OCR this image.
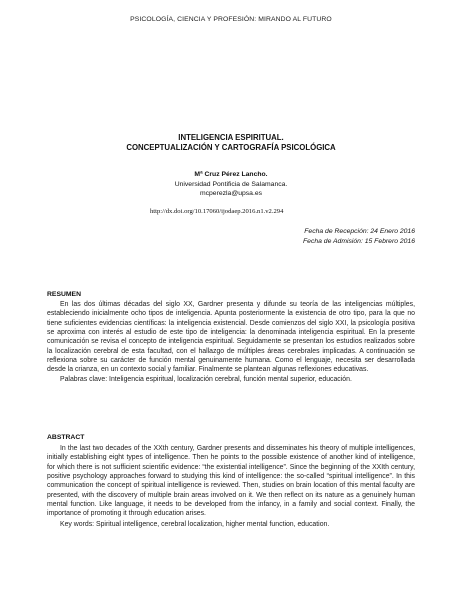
PSICOLOGÍA, CIENCIA Y PROFESIÓN: MIRANDO AL FUTURO
INTELIGENCIA ESPIRITUAL.
CONCEPTUALIZACIÓN Y CARTOGRAFÍA PSICOLÓGICA
Mª Cruz Pérez Lancho.
Universidad Pontificia de Salamanca.
mcperezla@upsa.es
http://dx.doi.org/10.17060/ijodaep.2016.n1.v2.294
Fecha de Recepción: 24 Enero 2016
Fecha de Admisión: 15 Febrero 2016
RESUMEN

En las dos últimas décadas del siglo XX, Gardner presenta y difunde su teoría de las inteligencias múltiples, estableciendo inicialmente ocho tipos de inteligencia. Apunta posteriormente la existencia de otro tipo, para la que no tiene suficientes evidencias científicas: la inteligencia existencial. Desde comienzos del siglo XXI, la psicología positiva se aproxima con interés al estudio de este tipo de inteligencia: la denominada inteligencia espiritual. En la presente comunicación se revisa el concepto de inteligencia espiritual. Seguidamente se presentan los estudios realizados sobre la localización cerebral de esta facultad, con el hallazgo de múltiples áreas cerebrales implicadas. A continuación se reflexiona sobre su carácter de función mental genuinamente humana. Como el lenguaje, necesita ser desarrollada desde la crianza, en un contexto social y familiar. Finalmente se plantean algunas reflexiones educativas.

Palabras clave: Inteligencia espiritual, localización cerebral, función mental superior, educación.

ABSTRACT

In the last two decades of the XXth century, Gardner presents and disseminates his theory of multiple intelligences, initially establishing eight types of intelligence. Then he points to the possible existence of another kind of intelligence, for which there is not sufficient scientific evidence: “the existential intelligence”. Since the beginning of the XXIth century, positive psychology approaches forward to studying this kind of intelligence: the so-called “spiritual intelligence”. In this communication the concept of spiritual intelligence is reviewed. Then, studies on brain location of this mental faculty are presented, with the discovery of multiple brain areas involved on it. We then reflect on its nature as a genuinely human mental function. Like language, it needs to be developed from the infancy, in a family and social context. Finally, the importance of promoting it through education arises.

Key words: Spiritual intelligence, cerebral localization, higher mental function, education.
